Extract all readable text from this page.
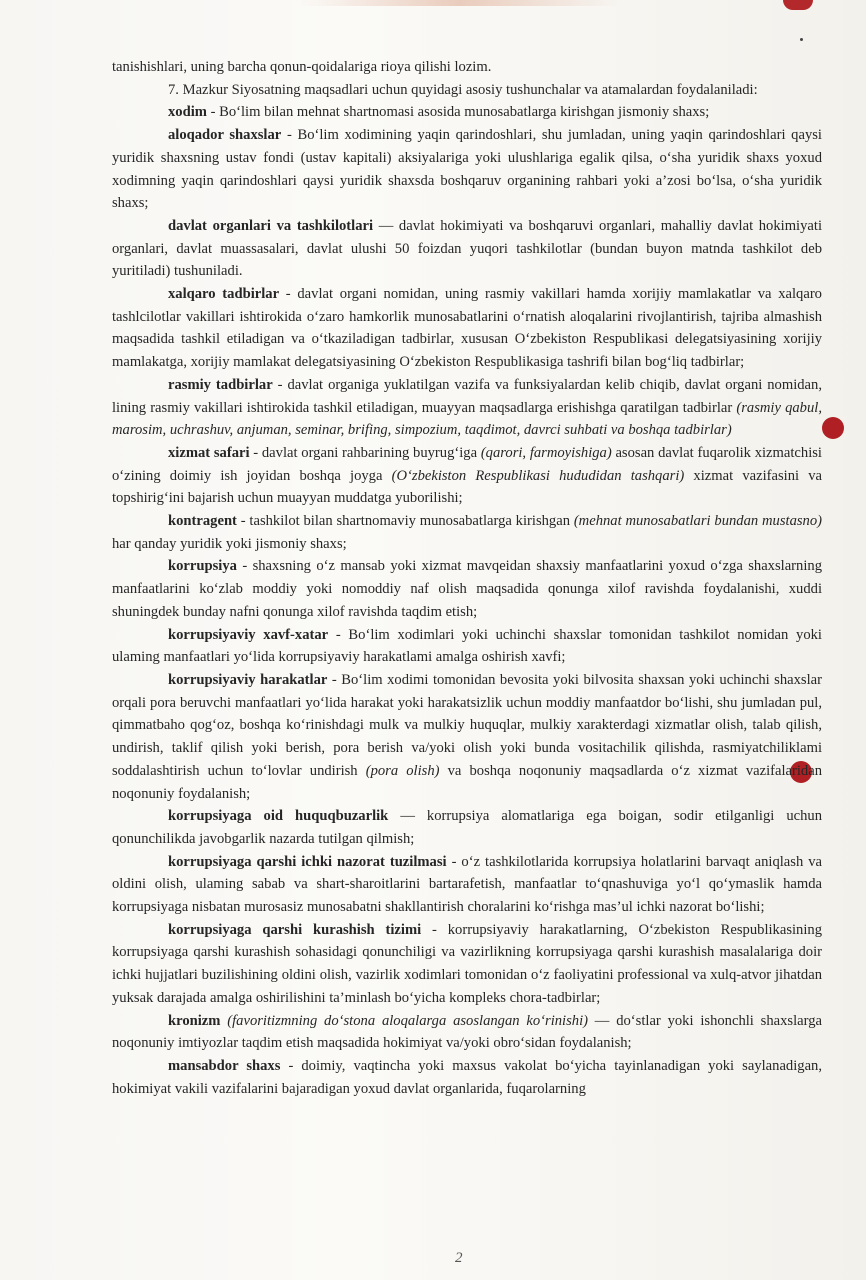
tanishishlari, uning barcha qonun-qoidalariga rioya qilishi lozim.

7. Mazkur Siyosatning maqsadlari uchun quyidagi asosiy tushunchalar va atamalardan foydalaniladi:

xodim - Bo‘lim bilan mehnat shartnomasi asosida munosabatlarga kirishgan jismoniy shaxs;

aloqador shaxslar - Bo‘lim xodimining yaqin qarindoshlari, shu jumladan, uning yaqin qarindoshlari qaysi yuridik shaxsning ustav fondi (ustav kapitali) aksiyalariga yoki ulushlariga egalik qilsa, o‘sha yuridik shaxs yoxud xodimning yaqin qarindoshlari qaysi yuridik shaxsda boshqaruv organining rahbari yoki a’zosi bo‘lsa, o‘sha yuridik shaxs;

davlat organlari va tashkilotlari — davlat hokimiyati va boshqaruvi organlari, mahalliy davlat hokimiyati organlari, davlat muassasalari, davlat ulushi 50 foizdan yuqori tashkilotlar (bundan buyon matnda tashkilot deb yuritiladi) tushuniladi.

xalqaro tadbirlar - davlat organi nomidan, uning rasmiy vakillari hamda xorijiy mamlakatlar va xalqaro tashlcilotlar vakillari ishtirokida o‘zaro hamkorlik munosabatlarini o‘rnatish aloqalarini rivojlantirish, tajriba almashish maqsadida tashkil etiladigan va o‘tkaziladigan tadbirlar, xususan O‘zbekiston Respublikasi delegatsiyasining xorijiy mamlakatga, xorijiy mamlakat delegatsiyasining O‘zbekiston Respublikasiga tashrifi bilan bog‘liq tadbirlar;

rasmiy tadbirlar - davlat organiga yuklatilgan vazifa va funksiyalardan kelib chiqib, davlat organi nomidan, lining rasmiy vakillari ishtirokida tashkil etiladigan, muayyan maqsadlarga erishishga qaratilgan tadbirlar (rasmiy qabul, marosim, uchrashuv, anjuman, seminar, brifing, simpozium, taqdimot, davrci suhbati va boshqa tadbirlar)

xizmat safari - davlat organi rahbarining buyrug‘iga (qarori, farmoyishiga) asosan davlat fuqarolik xizmatchisi o‘zining doimiy ish joyidan boshqa joyga (O‘zbekiston Respublikasi hududidan tashqari) xizmat vazifasini va topshirig‘ini bajarish uchun muayyan muddatga yuborilishi;

kontragent - tashkilot bilan shartnomaviy munosabatlarga kirishgan (mehnat munosabatlari bundan mustasno) har qanday yuridik yoki jismoniy shaxs;

korrupsiya - shaxsning o‘z mansab yoki xizmat mavqeidan shaxsiy manfaatlarini yoxud o‘zga shaxslarning manfaatlarini ko‘zlab moddiy yoki nomoddiy naf olish maqsadida qonunga xilof ravishda foydalanishi, xuddi shuningdek bunday nafni qonunga xilof ravishda taqdim etish;

korrupsiyaviy xavf-xatar - Bo‘lim xodimlari yoki uchinchi shaxslar tomonidan tashkilot nomidan yoki ulaming manfaatlari yo‘lida korrupsiyaviy harakatlami amalga oshirish xavfi;

korrupsiyaviy harakatlar - Bo‘lim xodimi tomonidan bevosita yoki bilvosita shaxsan yoki uchinchi shaxslar orqali pora beruvchi manfaatlari yo‘lida harakat yoki harakatsizlik uchun moddiy manfaatdor bo‘lishi, shu jumladan pul, qimmatbaho qog‘oz, boshqa ko‘rinishdagi mulk va mulkiy huquqlar, mulkiy xarakterdagi xizmatlar olish, talab qilish, undirish, taklif qilish yoki berish, pora berish va/yoki olish yoki bunda vositachilik qilishda, rasmiyatchiliklami soddalashtirish uchun to‘lovlar undirish (pora olish) va boshqa noqonuniy maqsadlarda o‘z xizmat vazifalaridan noqonuniy foydalanish;

korrupsiyaga oid huquqbuzarlik — korrupsiya alomatlariga ega boigan, sodir etilganligi uchun qonunchilikda javobgarlik nazarda tutilgan qilmish;

korrupsiyaga qarshi ichki nazorat tuzilmasi - o‘z tashkilotlarida korrupsiya holatlarini barvaqt aniqlash va oldini olish, ulaming sabab va shart-sharoitlarini bartarafetish, manfaatlar to‘qnashuviga yo‘l qo‘ymaslik hamda korrupsiyaga nisbatan murosasiz munosabatni shakllantirish choralarini ko‘rishga mas’ul ichki nazorat bo‘lishi;

korrupsiyaga qarshi kurashish tizimi - korrupsiyaviy harakatlarning, O‘zbekiston Respublikasining korrupsiyaga qarshi kurashish sohasidagi qonunchiligi va vazirlikning korrupsiyaga qarshi kurashish masalalariga doir ichki hujjatlari buzilishining oldini olish, vazirlik xodimlari tomonidan o‘z faoliyatini professional va xulq-atvor jihatdan yuksak darajada amalga oshirilishini ta’minlash bo‘yicha kompleks chora-tadbirlar;

kronizm (favoritizmning do‘stona aloqalarga asoslangan ko‘rinishi) — do‘stlar yoki ishonchli shaxslarga noqonuniy imtiyozlar taqdim etish maqsadida hokimiyat va/yoki obro‘sidan foydalanish;

mansabdor shaxs - doimiy, vaqtincha yoki maxsus vakolat bo‘yicha tayinlanadigan yoki saylanadigan, hokimiyat vakili vazifalarini bajaradigan yoxud davlat organlarida, fuqarolarning

2
